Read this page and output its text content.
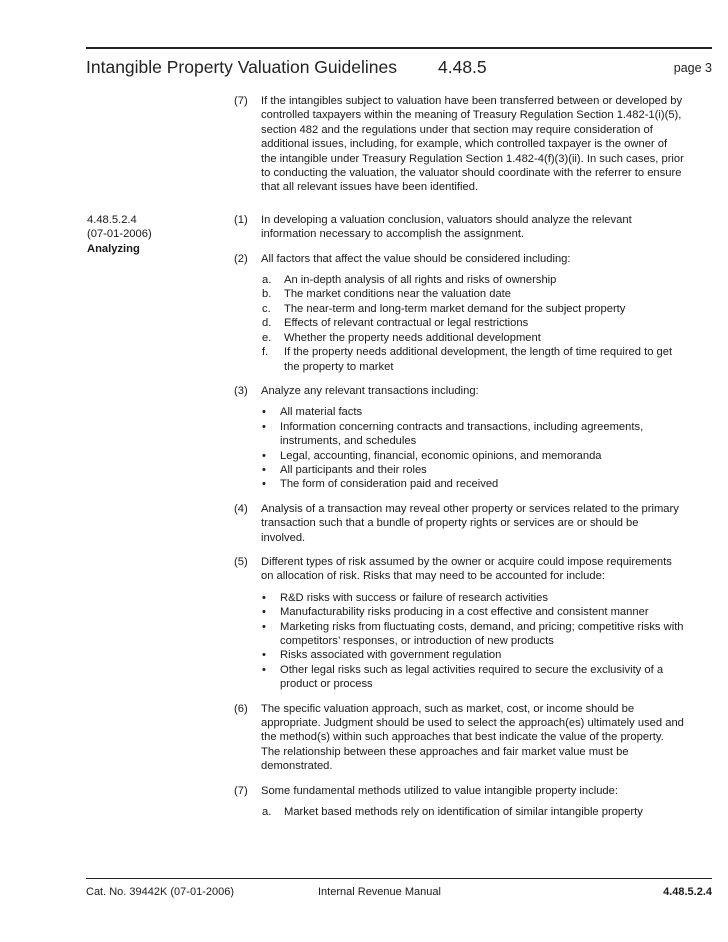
Intangible Property Valuation Guidelines 4.48.5	page 3
(7) If the intangibles subject to valuation have been transferred between or developed by controlled taxpayers within the meaning of Treasury Regulation Section 1.482-1(i)(5), section 482 and the regulations under that section may require consideration of additional issues, including, for example, which controlled taxpayer is the owner of the intangible under Treasury Regulation Section 1.482-4(f)(3)(ii). In such cases, prior to conducting the valuation, the valuator should coordinate with the referrer to ensure that all relevant issues have been identified.
4.48.5.2.4
(07-01-2006)
Analyzing
(1) In developing a valuation conclusion, valuators should analyze the relevant information necessary to accomplish the assignment.
(2) All factors that affect the value should be considered including:
a. An in-depth analysis of all rights and risks of ownership
b. The market conditions near the valuation date
c. The near-term and long-term market demand for the subject property
d. Effects of relevant contractual or legal restrictions
e. Whether the property needs additional development
f. If the property needs additional development, the length of time required to get the property to market
(3) Analyze any relevant transactions including:
• All material facts
• Information concerning contracts and transactions, including agreements, instruments, and schedules
• Legal, accounting, financial, economic opinions, and memoranda
• All participants and their roles
• The form of consideration paid and received
(4) Analysis of a transaction may reveal other property or services related to the primary transaction such that a bundle of property rights or services are or should be involved.
(5) Different types of risk assumed by the owner or acquire could impose requirements on allocation of risk. Risks that may need to be accounted for include:
• R&D risks with success or failure of research activities
• Manufacturability risks producing in a cost effective and consistent manner
• Marketing risks from fluctuating costs, demand, and pricing; competitive risks with competitors’ responses, or introduction of new products
• Risks associated with government regulation
• Other legal risks such as legal activities required to secure the exclusivity of a product or process
(6) The specific valuation approach, such as market, cost, or income should be appropriate. Judgment should be used to select the approach(es) ultimately used and the method(s) within such approaches that best indicate the value of the property. The relationship between these approaches and fair market value must be demonstrated.
(7) Some fundamental methods utilized to value intangible property include:
a. Market based methods rely on identification of similar intangible property
Cat. No. 39442K (07-01-2006)	Internal Revenue Manual	4.48.5.2.4
